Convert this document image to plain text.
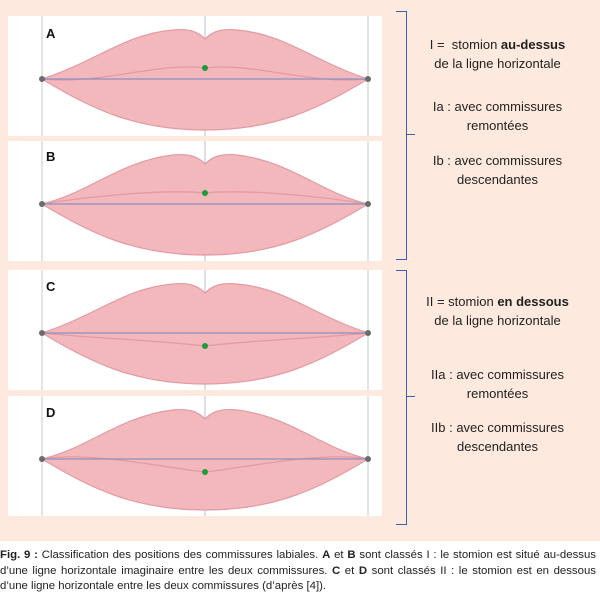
A
B
C
D
I =  stomion au-dessus
de la ligne horizontale
Ia : avec commissures
remontées
Ib : avec commissures
descendantes
II = stomion en dessous
de la ligne horizontale
IIa : avec commissures
remontées
IIb : avec commissures
descendantes
Fig. 9 : Classification des positions des commissures labiales. A et B sont classés I : le stomion est situé au-dessus d’une ligne horizontale imaginaire entre les deux commissures. C et D sont classés II : le stomion est en dessous d’une ligne horizontale entre les deux commissures (d’après [4]).
